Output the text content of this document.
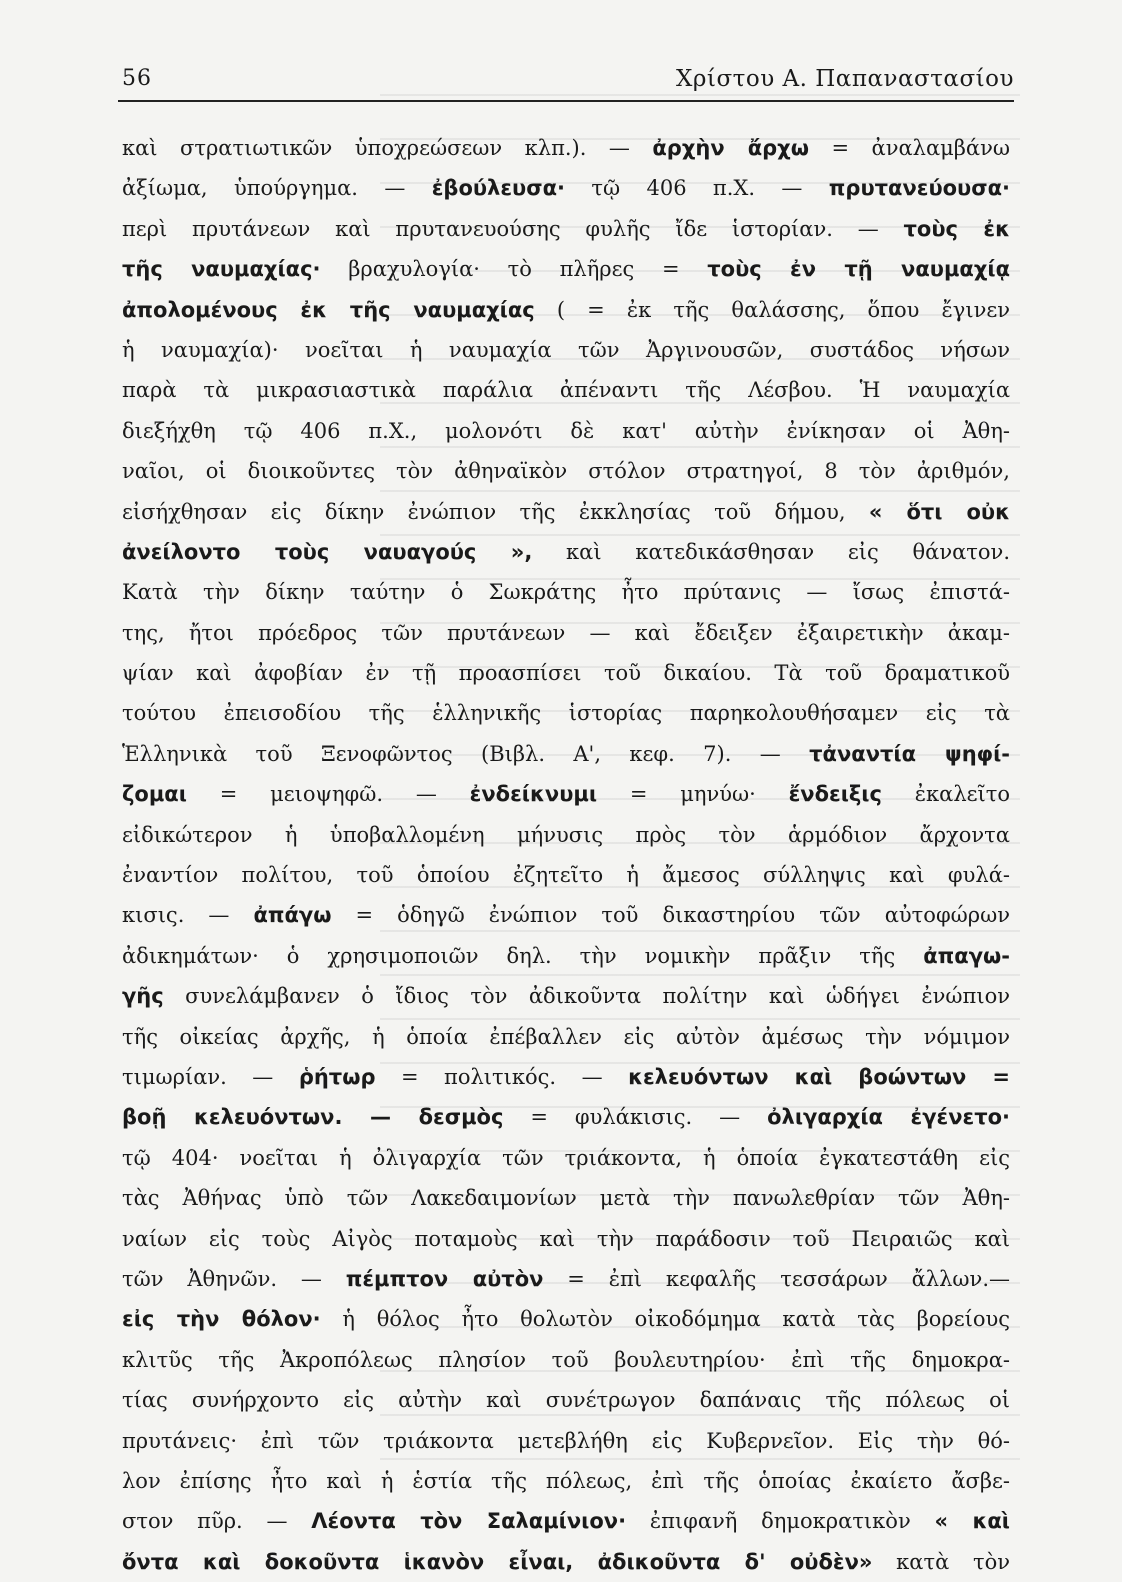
56	Χρίστου Α. Παπαναστασίου
καὶ στρατιωτικῶν ὑποχρεώσεων κλπ.). — ἀρχὴν ἄρχω = ἀναλαμβάνω
ἀξίωμα, ὑπούργημα. — ἐβούλευσα· τῷ 406 π.Χ. — πρυτανεύουσα·
περὶ πρυτάνεων καὶ πρυτανευούσης φυλῆς ἴδε ἱστορίαν. — τοὺς ἐκ
τῆς ναυμαχίας· βραχυλογία· τὸ πλῆρες = τοὺς ἐν τῇ ναυμαχίᾳ
ἀπολομένους ἐκ τῆς ναυμαχίας ( = ἐκ τῆς θαλάσσης, ὅπου ἔγινεν
ἡ ναυμαχία)· νοεῖται ἡ ναυμαχία τῶν Ἀργινουσῶν, συστάδος νήσων
παρὰ τὰ μικρασιαστικὰ παράλια ἀπέναντι τῆς Λέσβου. Ἡ ναυμαχία
διεξήχθη τῷ 406 π.Χ., μολονότι δὲ κατ' αὐτὴν ἐνίκησαν οἱ Ἀθη-
ναῖοι, οἱ διοικοῦντες τὸν ἀθηναϊκὸν στόλον στρατηγοί, 8 τὸν ἀριθμόν,
εἰσήχθησαν εἰς δίκην ἐνώπιον τῆς ἐκκλησίας τοῦ δήμου, « ὅτι οὐκ
ἀνείλοντο τοὺς ναυαγούς », καὶ κατεδικάσθησαν εἰς θάνατον.
Κατὰ τὴν δίκην ταύτην ὁ Σωκράτης ἦτο πρύτανις — ἴσως ἐπιστά-
της, ἤτοι πρόεδρος τῶν πρυτάνεων — καὶ ἔδειξεν ἐξαιρετικὴν ἀκαμ-
ψίαν καὶ ἀφοβίαν ἐν τῇ προασπίσει τοῦ δικαίου. Τὰ τοῦ δραματικοῦ
τούτου ἐπεισοδίου τῆς ἑλληνικῆς ἱστορίας παρηκολουθήσαμεν εἰς τὰ
Ἑλληνικὰ τοῦ Ξενοφῶντος (Βιβλ. Α', κεφ. 7). — τἀναντία ψηφί-
ζομαι = μειοψηφῶ. — ἐνδείκνυμι = μηνύω· ἔνδειξις ἐκαλεῖτο
εἰδικώτερον ἡ ὑποβαλλομένη μήνυσις πρὸς τὸν ἁρμόδιον ἄρχοντα
ἐναντίον πολίτου, τοῦ ὁποίου ἐζητεῖτο ἡ ἄμεσος σύλληψις καὶ φυλά-
κισις. — ἀπάγω = ὁδηγῶ ἐνώπιον τοῦ δικαστηρίου τῶν αὐτοφώρων
ἀδικημάτων· ὁ χρησιμοποιῶν δηλ. τὴν νομικὴν πρᾶξιν τῆς ἀπαγω-
γῆς συνελάμβανεν ὁ ἴδιος τὸν ἀδικοῦντα πολίτην καὶ ὡδήγει ἐνώπιον
τῆς οἰκείας ἀρχῆς, ἡ ὁποία ἐπέβαλλεν εἰς αὐτὸν ἀμέσως τὴν νόμιμον
τιμωρίαν. — ῥήτωρ = πολιτικός. — κελευόντων καὶ βοώντων =
βοῇ κελευόντων. — δεσμὸς = φυλάκισις. — ὀλιγαρχία ἐγένετο·
τῷ 404· νοεῖται ἡ ὀλιγαρχία τῶν τριάκοντα, ἡ ὁποία ἐγκατεστάθη εἰς
τὰς Ἀθήνας ὑπὸ τῶν Λακεδαιμονίων μετὰ τὴν πανωλεθρίαν τῶν Ἀθη-
ναίων εἰς τοὺς Αἰγὸς ποταμοὺς καὶ τὴν παράδοσιν τοῦ Πειραιῶς καὶ
τῶν Ἀθηνῶν. — πέμπτον αὐτὸν = ἐπὶ κεφαλῆς τεσσάρων ἄλλων.—
εἰς τὴν θόλον· ἡ θόλος ἦτο θολωτὸν οἰκοδόμημα κατὰ τὰς βορείους
κλιτῦς τῆς Ἀκροπόλεως πλησίον τοῦ βουλευτηρίου· ἐπὶ τῆς δημοκρα-
τίας συνήρχοντο εἰς αὐτὴν καὶ συνέτρωγον δαπάναις τῆς πόλεως οἱ
πρυτάνεις· ἐπὶ τῶν τριάκοντα μετεβλήθη εἰς Κυβερνεῖον. Εἰς τὴν θό-
λον ἐπίσης ἦτο καὶ ἡ ἑστία τῆς πόλεως, ἐπὶ τῆς ὁποίας ἐκαίετο ἄσβε-
στον πῦρ. — Λέοντα τὸν Σαλαμίνιον· ἐπιφανῆ δημοκρατικὸν « καὶ
ὄντα καὶ δοκοῦντα ἱκανὸν εἶναι, ἀδικοῦντα δ' οὐδὲν» κατὰ τὸν
